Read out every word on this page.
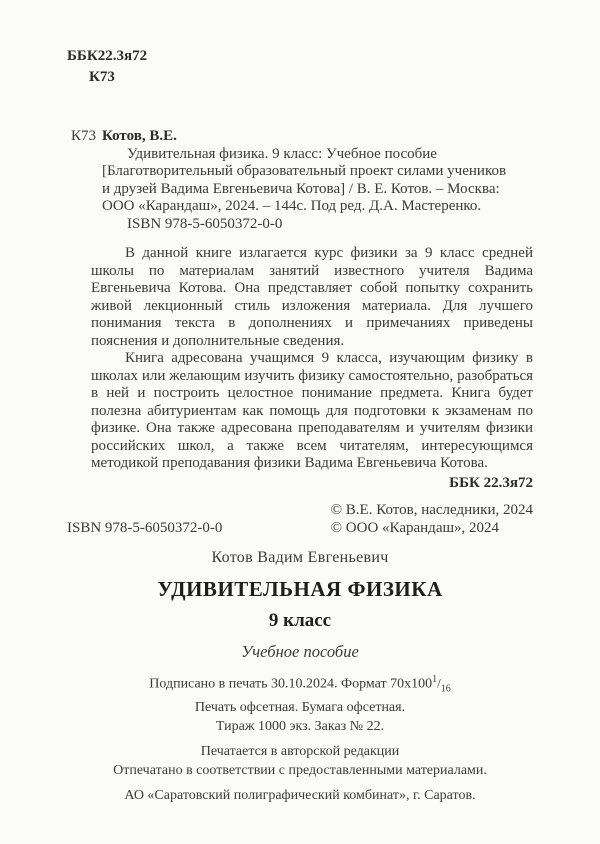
ББК22.3я72
К73
К73 Котов, В.Е.
Удивительная физика. 9 класс: Учебное пособие
[Благотворительный образовательный проект силами учеников
и друзей Вадима Евгеньевича Котова] / В. Е. Котов. – Москва:
ООО «Карандаш», 2024. – 144с. Под ред. Д.А. Мастеренко.
ISBN 978-5-6050372-0-0

В данной книге излагается курс физики за 9 класс средней школы по материалам занятий известного учителя Вадима Евгеньевича Котова. Она представляет собой попытку сохранить живой лекционный стиль изложения материала. Для лучшего понимания текста в дополнениях и примечаниях приведены пояснения и дополнительные сведения.

Книга адресована учащимся 9 класса, изучающим физику в школах или желающим изучить физику самостоятельно, разобраться в ней и построить целостное понимание предмета. Книга будет полезна абитуриентам как помощь для подготовки к экзаменам по физике. Она также адресована преподавателям и учителям физики российских школ, а также всем читателям, интересующимся методикой преподавания физики Вадима Евгеньевича Котова.

ББК 22.3я72
ISBN 978-5-6050372-0-0
© В.Е. Котов, наследники, 2024
© ООО «Карандаш», 2024
Котов Вадим Евгеньевич
УДИВИТЕЛЬНАЯ ФИЗИКА
9 класс
Учебное пособие
Подписано в печать 30.10.2024. Формат $70x100^1/_{16}$
Печать офсетная. Бумага офсетная.
Тираж 1000 экз. Заказ № 22.
Печатается в авторской редакции
Отпечатано в соответствии с предоставленными материалами.
АО «Саратовский полиграфический комбинат», г. Саратов.
